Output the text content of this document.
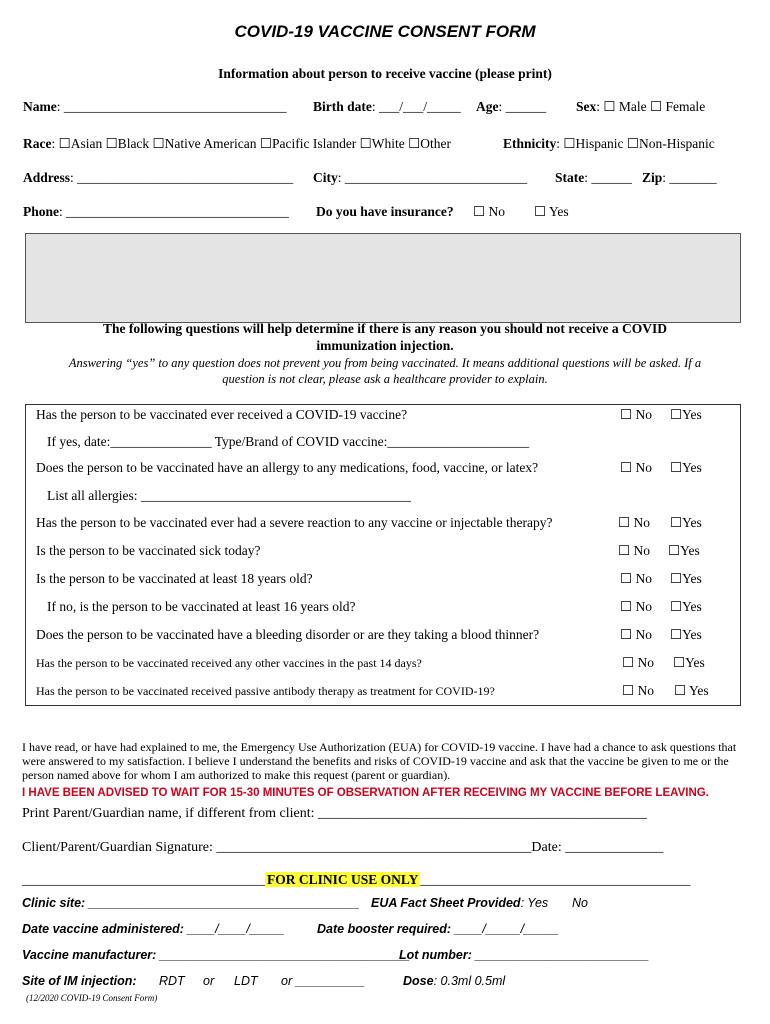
COVID-19 VACCINE CONSENT FORM
Information about person to receive vaccine (please print)
Name: _________________________________ Birth date: ___/___/_____ Age: ______ Sex: ☐ Male ☐ Female
Race: ☐Asian ☐Black ☐Native American ☐Pacific Islander ☐White ☐Other	Ethnicity: ☐Hispanic ☐Non-Hispanic
Address: ________________________________ City: ___________________________ State: ______ Zip: _______
Phone: _________________________________ Do you have insurance? ☐ No ☐ Yes
The following questions will help determine if there is any reason you should not receive a COVID
immunization injection.
Answering “yes” to any question does not prevent you from being vaccinated. It means additional questions will be asked. If a
question is not clear, please ask a healthcare provider to explain.
Has the person to be vaccinated ever received a COVID-19 vaccine?	☐ No ☐Yes
If yes, date:_______________ Type/Brand of COVID vaccine:_____________________
Does the person to be vaccinated have an allergy to any medications, food, vaccine, or latex?	☐ No ☐Yes
List all allergies: ________________________________________
Has the person to be vaccinated ever had a severe reaction to any vaccine or injectable therapy?	☐ No ☐Yes
Is the person to be vaccinated sick today?	☐ No ☐Yes
Is the person to be vaccinated at least 18 years old?	☐ No ☐Yes
If no, is the person to be vaccinated at least 16 years old?	☐ No ☐Yes
Does the person to be vaccinated have a bleeding disorder or are they taking a blood thinner?	☐ No ☐Yes
Has the person to be vaccinated received any other vaccines in the past 14 days?	☐ No ☐Yes
Has the person to be vaccinated received passive antibody therapy as treatment for COVID-19?	☐ No ☐ Yes
I have read, or have had explained to me, the Emergency Use Authorization (EUA) for COVID-19 vaccine. I have had a chance to ask questions that were answered to my satisfaction. I believe I understand the benefits and risks of COVID-19 vaccine and ask that the vaccine be given to me or the person named above for whom I am authorized to make this request (parent or guardian).
I HAVE BEEN ADVISED TO WAIT FOR 15-30 MINUTES OF OBSERVATION AFTER RECEIVING MY VACCINE BEFORE LEAVING.
Print Parent/Guardian name, if different from client: _______________________________________________
Client/Parent/Guardian Signature: _____________________________________________Date: ______________
____________________________________ FOR CLINIC USE ONLY ________________________________________
Clinic site: _______________________________________ EUA Fact Sheet Provided: Yes No
Date vaccine administered: ____/____/_____	Date booster required: ____/_____/_____
Vaccine manufacturer: ____________________________________
Lot number: _________________________
Site of IM injection: RDT or LDT or __________	Dose: 0.3ml 0.5ml
(12/2020 COVID-19 Consent Form)
